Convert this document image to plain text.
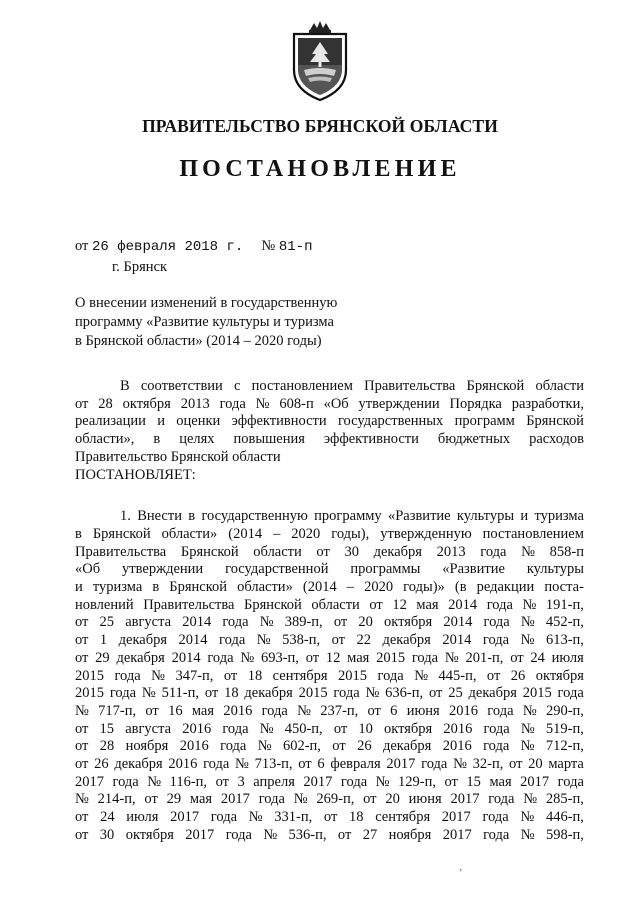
ПРАВИТЕЛЬСТВО БРЯНСКОЙ ОБЛАСТИ
ПОСТАНОВЛЕНИЕ
от 26 февраля 2018 г. № 81-п
г. Брянск
О внесении изменений в государственную
программу «Развитие культуры и туризма
в Брянской области» (2014 – 2020 годы)
В соответствии с постановлением Правительства Брянской области
от 28 октября 2013 года № 608-п «Об утверждении Порядка разработки,
реализации и оценки эффективности государственных программ Брянской
области», в целях повышения эффективности бюджетных расходов
Правительство Брянской области
ПОСТАНОВЛЯЕТ:
1. Внести в государственную программу «Развитие культуры и туризма
в Брянской области» (2014 – 2020 годы), утвержденную постановлением
Правительства Брянской области от 30 декабря 2013 года № 858-п
«Об утверждении государственной программы «Развитие культуры
и туризма в Брянской области» (2014 – 2020 годы)» (в редакции поста-
новлений Правительства Брянской области от 12 мая 2014 года № 191-п,
от 25 августа 2014 года № 389-п, от 20 октября 2014 года № 452-п,
от 1 декабря 2014 года № 538-п, от 22 декабря 2014 года № 613-п,
от 29 декабря 2014 года № 693-п, от 12 мая 2015 года № 201-п, от 24 июля
2015 года № 347-п, от 18 сентября 2015 года № 445-п, от 26 октября
2015 года № 511-п, от 18 декабря 2015 года № 636-п, от 25 декабря 2015 года
№ 717-п, от 16 мая 2016 года № 237-п, от 6 июня 2016 года № 290-п,
от 15 августа 2016 года № 450-п, от 10 октября 2016 года № 519-п,
от 28 ноября 2016 года № 602-п, от 26 декабря 2016 года № 712-п,
от 26 декабря 2016 года № 713-п, от 6 февраля 2017 года № 32-п, от 20 марта
2017 года № 116-п, от 3 апреля 2017 года № 129-п, от 15 мая 2017 года
№ 214-п, от 29 мая 2017 года № 269-п, от 20 июня 2017 года № 285-п,
от 24 июля 2017 года № 331-п, от 18 сентября 2017 года № 446-п,
от 30 октября 2017 года № 536-п, от 27 ноября 2017 года № 598-п,
‚
